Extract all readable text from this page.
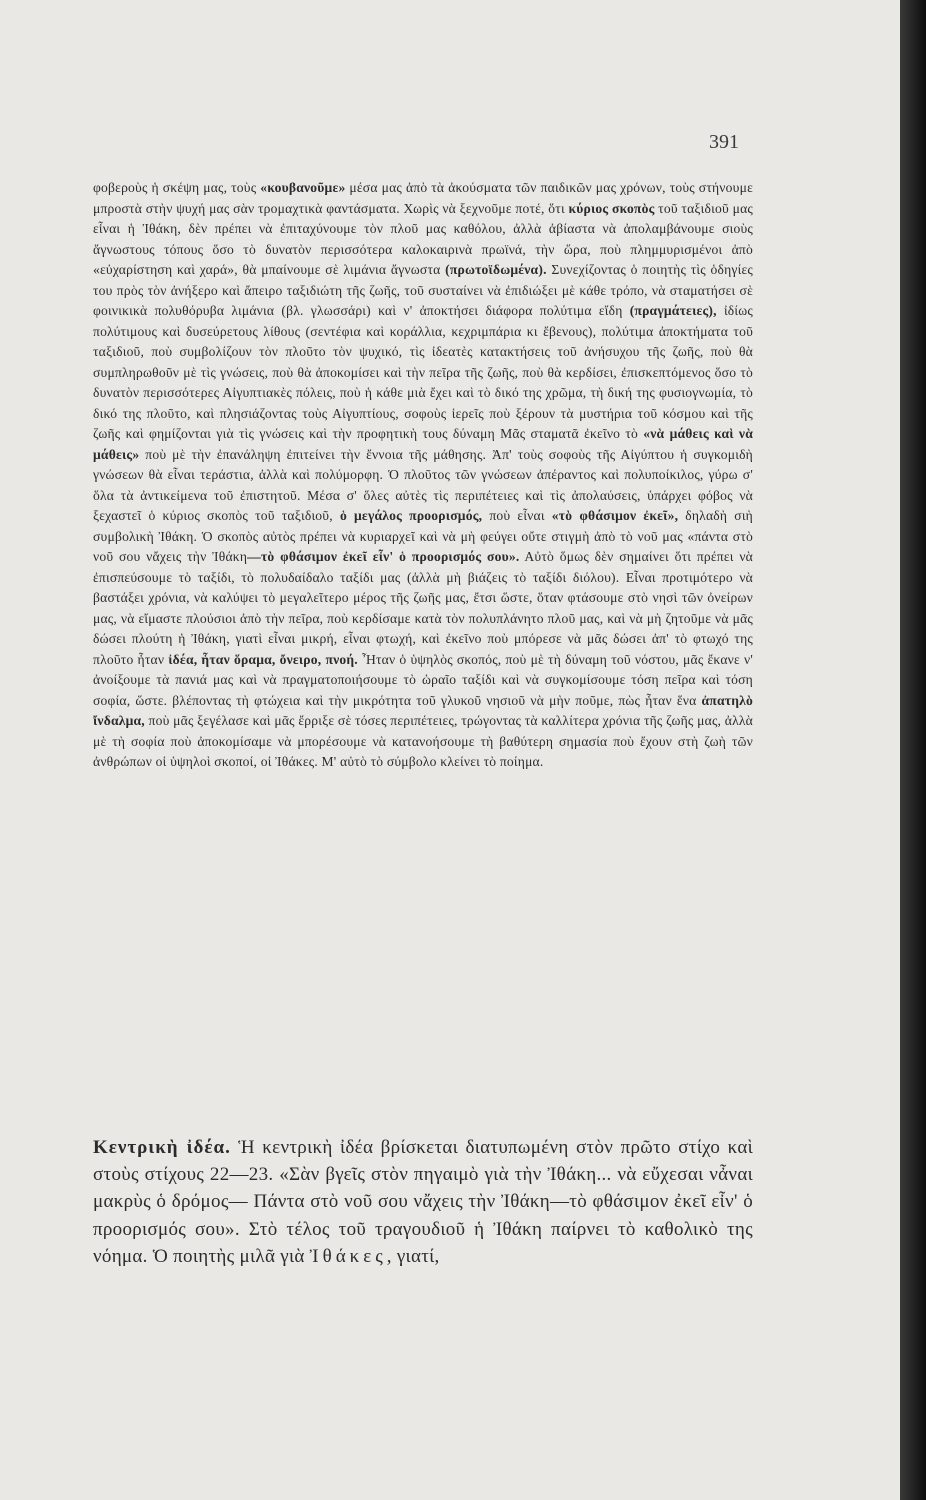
391
φοβεροὺς ἡ σκέψη μας, τοὺς «κουβανοῦμε» μέσα μας ἀπὸ τὰ ἀκούσματα τῶν παιδικῶν μας χρόνων, τοὺς στήνουμε μπροστὰ στὴν ψυχή μας σὰν τρομαχτικὰ φαντάσματα. Χωρὶς νὰ ξεχνοῦμε ποτέ, ὅτι κύριος σκοπὸς τοῦ ταξιδιοῦ μας εἶναι ἡ Ἰθάκη, δὲν πρέπει νὰ ἐπιταχύνουμε τὸν πλοῦ μας καθόλου, ἀλλὰ ἀβίαστα νὰ ἀπολαμβάνουμε σιοὺς ἄγνωστους τόπους ὅσο τὸ δυνατὸν περισσότερα καλοκαιρινὰ πρωϊνά, τὴν ὥρα, ποὺ πλημμυρισμένοι ἀπὸ «εὐχαρίστηση καὶ χαρά», θὰ μπαίνουμε σὲ λιμάνια ἄγνωστα (πρωτοϊδωμένα). Συνεχίζοντας ὁ ποιητὴς τὶς ὁδηγίες του πρὸς τὸν ἀνήξερο καὶ ἄπειρο ταξιδιώτη τῆς ζωῆς, τοῦ συσταίνει νὰ ἐπιδιώξει μὲ κάθε τρόπο, νὰ σταματήσει σὲ φοινικικὰ πολυθόρυβα λιμάνια (βλ. γλωσσάρι) καὶ ν' ἀποκτήσει διάφορα πολύτιμα εἴδη (πραγμάτειες), ἰδίως πολύτιμους καὶ δυσεύρετους λίθους (σεντέφια καὶ κοράλλια, κεχριμπάρια κι ἔβενους), πολύτιμα ἀποκτήματα τοῦ ταξιδιοῦ, ποὺ συμβολίζουν τὸν πλοῦτο τὸν ψυχικό, τὶς ἰδεατὲς κατακτήσεις τοῦ ἀνήσυχου τῆς ζωῆς, ποὺ θὰ συμπληρωθοῦν μὲ τὶς γνώσεις, ποὺ θὰ ἀποκομίσει καὶ τὴν πεῖρα τῆς ζωῆς, ποὺ θὰ κερδίσει, ἐπισκεπτόμενος ὅσο τὸ δυνατὸν περισσότερες Αἰγυπτιακὲς πόλεις, ποὺ ἡ κάθε μιὰ ἔχει καὶ τὸ δικό της χρῶμα, τὴ δική της φυσιογνωμία, τὸ δικό της πλοῦτο, καὶ πλησιάζοντας τοὺς Αἰγυπτίους, σοφοὺς ἱερεῖς ποὺ ξέρουν τὰ μυστήρια τοῦ κόσμου καὶ τῆς ζωῆς καὶ φημίζονται γιὰ τὶς γνώσεις καὶ τὴν προφητικὴ τους δύναμη Μᾶς σταματᾶ ἐκεῖνο τὸ «νὰ μάθεις καὶ νὰ μάθεις» ποὺ μὲ τὴν ἐπανάληψη ἐπιτείνει τὴν ἔννοια τῆς μάθησης. Ἀπ' τοὺς σοφοὺς τῆς Αἰγύπτου ἡ συγκομιδὴ γνώσεων θὰ εἶναι τεράστια, ἀλλὰ καὶ πολύμορφη. Ὁ πλοῦτος τῶν γνώσεων ἀπέραντος καὶ πολυποίκιλος, γύρω σ' ὅλα τὰ ἀντικείμενα τοῦ ἐπιστητοῦ. Μέσα σ' ὅλες αὐτὲς τὶς περιπέτειες καὶ τὶς ἀπολαύσεις, ὑπάρχει φόβος νὰ ξεχαστεῖ ὁ κύριος σκοπὸς τοῦ ταξιδιοῦ, ὁ μεγάλος προορισμός, ποὺ εἶναι «τὸ φθάσιμον ἐκεῖ», δηλαδὴ σιὴ συμβολικὴ Ἰθάκη. Ὁ σκοπὸς αὐτὸς πρέπει νὰ κυριαρχεῖ καὶ νὰ μὴ φεύγει οὔτε στιγμὴ ἀπὸ τὸ νοῦ μας «πάντα στὸ νοῦ σου νἄχεις τὴν Ἰθάκη—τὸ φθάσιμον ἐκεῖ εἶν' ὁ προορισμός σου». Αὐτὸ ὅμως δὲν σημαίνει ὅτι πρέπει νὰ ἐπισπεύσουμε τὸ ταξίδι, τὸ πολυδαίδαλο ταξίδι μας (ἀλλὰ μὴ βιάζεις τὸ ταξίδι διόλου). Εἶναι προτιμότερο νὰ βαστάξει χρόνια, νὰ καλύψει τὸ μεγαλεῖτερο μέρος τῆς ζωῆς μας, ἔτσι ὥστε, ὅταν φτάσουμε στὸ νησὶ τῶν ὀνείρων μας, νὰ εἴμαστε πλούσιοι ἀπὸ τὴν πεῖρα, ποὺ κερδίσαμε κατὰ τὸν πολυπλάνητο πλοῦ μας, καὶ νὰ μὴ ζητοῦμε νὰ μᾶς δώσει πλούτη ἡ Ἰθάκη, γιατὶ εἶναι μικρή, εἶναι φτωχή, καὶ ἐκεῖνο ποὺ μπόρεσε νὰ μᾶς δώσει ἀπ' τὸ φτωχό της πλοῦτο ἦταν ἰδέα, ἦταν ὅραμα, ὄνειρο, πνοή. Ἦταν ὁ ὑψηλὸς σκοπός, ποὺ μὲ τὴ δύναμη τοῦ νόστου, μᾶς ἔκανε ν' ἀνοίξουμε τὰ πανιά μας καὶ νὰ πραγματοποιήσουμε τὸ ὡραῖο ταξίδι καὶ νὰ συγκομίσουμε τόση πεῖρα καὶ τόση σοφία, ὥστε. βλέποντας τὴ φτώχεια καὶ τὴν μικρότητα τοῦ γλυκοῦ νησιοῦ νὰ μὴν ποῦμε, πὼς ἦταν ἕνα ἀπατηλὸ ἴνδαλμα, ποὺ μᾶς ξεγέλασε καὶ μᾶς ἔρριξε σὲ τόσες περιπέτειες, τρώγοντας τὰ καλλίτερα χρόνια τῆς ζωῆς μας, ἀλλὰ μὲ τὴ σοφία ποὺ ἀποκομίσαμε νὰ μπορέσουμε νὰ κατανοήσουμε τὴ βαθύτερη σημασία ποὺ ἔχουν στὴ ζωὴ τῶν ἀνθρώπων οἱ ὑψηλοὶ σκοποί, οἱ Ἰθάκες. Μ' αὐτὸ τὸ σύμβολο κλείνει τὸ ποίημα.
Κεντρικὴ ἰδέα. Ἡ κεντρικὴ ἰδέα βρίσκεται διατυπωμένη στὸν πρῶτο στίχο καὶ στοὺς στίχους 22—23. «Σὰν βγεῖς στὸν πηγαιμὸ γιὰ τὴν Ἰθάκη... νὰ εὔχεσαι νἆναι μακρὺς ὁ δρόμος— Πάντα στὸ νοῦ σου νἄχεις τὴν Ἰθάκη—τὸ φθάσιμον ἐκεῖ εἶν' ὁ προορισμός σου». Στὸ τέλος τοῦ τραγουδιοῦ ἡ Ἰθάκη παίρνει τὸ καθολικὸ της νόημα. Ὁ ποιητὴς μιλᾶ γιὰ Ἰθάκες, γιατί,
